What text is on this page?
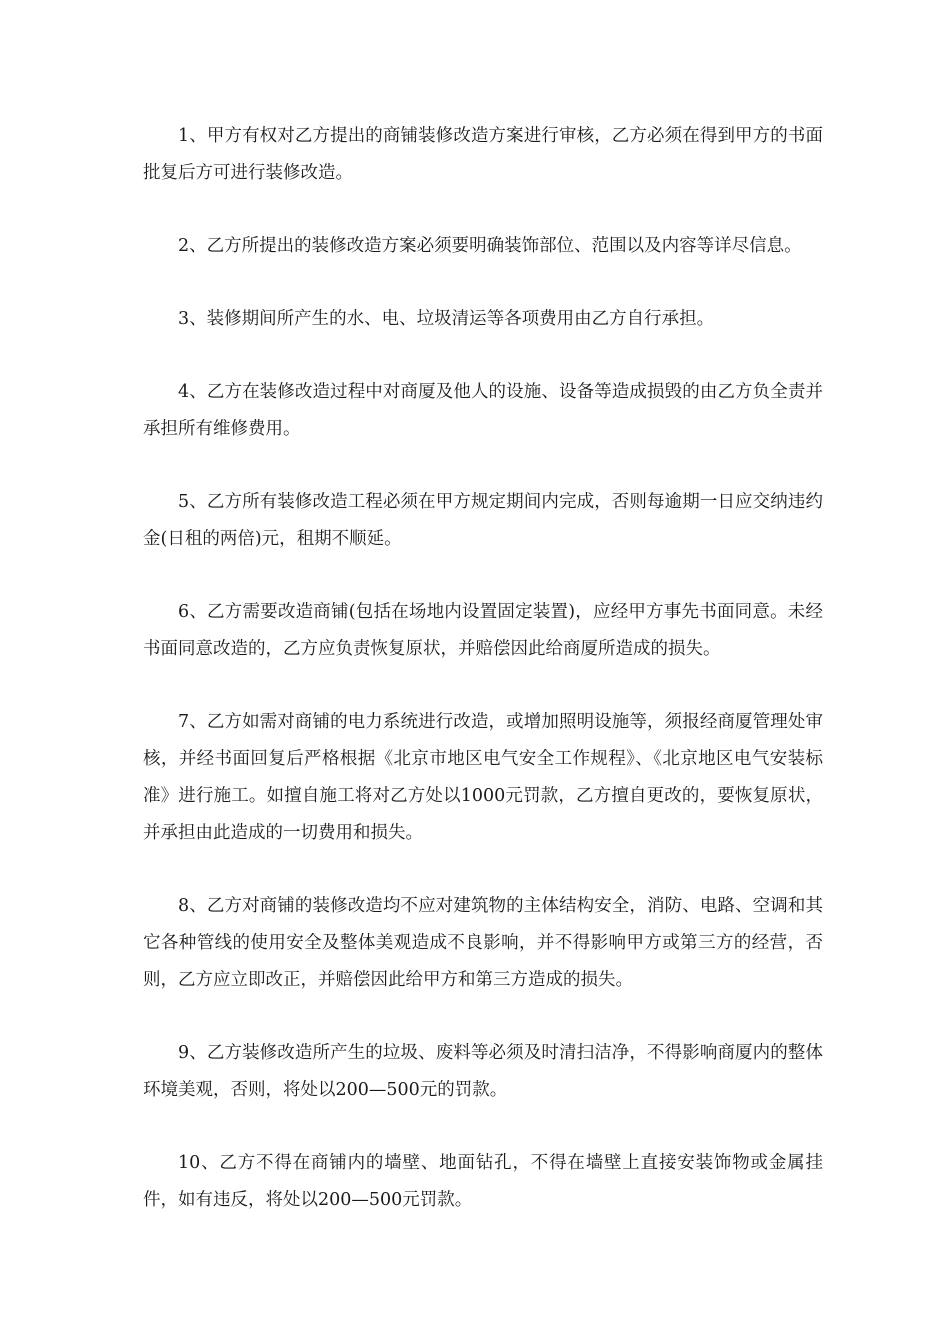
1、甲方有权对乙方提出的商铺装修改造方案进行审核，乙方必须在得到甲方的书面批复后方可进行装修改造。

2、乙方所提出的装修改造方案必须要明确装饰部位、范围以及内容等详尽信息。

3、装修期间所产生的水、电、垃圾清运等各项费用由乙方自行承担。

4、乙方在装修改造过程中对商厦及他人的设施、设备等造成损毁的由乙方负全责并承担所有维修费用。

5、乙方所有装修改造工程必须在甲方规定期间内完成，否则每逾期一日应交纳违约金(日租的两倍)元，租期不顺延。

6、乙方需要改造商铺(包括在场地内设置固定装置)，应经甲方事先书面同意。未经书面同意改造的，乙方应负责恢复原状，并赔偿因此给商厦所造成的损失。

7、乙方如需对商铺的电力系统进行改造，或增加照明设施等，须报经商厦管理处审核，并经书面回复后严格根据《北京市地区电气安全工作规程》、《北京地区电气安装标准》进行施工。如擅自施工将对乙方处以1000元罚款，乙方擅自更改的，要恢复原状，并承担由此造成的一切费用和损失。

8、乙方对商铺的装修改造均不应对建筑物的主体结构安全，消防、电路、空调和其它各种管线的使用安全及整体美观造成不良影响，并不得影响甲方或第三方的经营，否则，乙方应立即改正，并赔偿因此给甲方和第三方造成的损失。

9、乙方装修改造所产生的垃圾、废料等必须及时清扫洁净，不得影响商厦内的整体环境美观，否则，将处以200—500元的罚款。

10、乙方不得在商铺内的墙壁、地面钻孔，不得在墙壁上直接安装饰物或金属挂件，如有违反，将处以200—500元罚款。
